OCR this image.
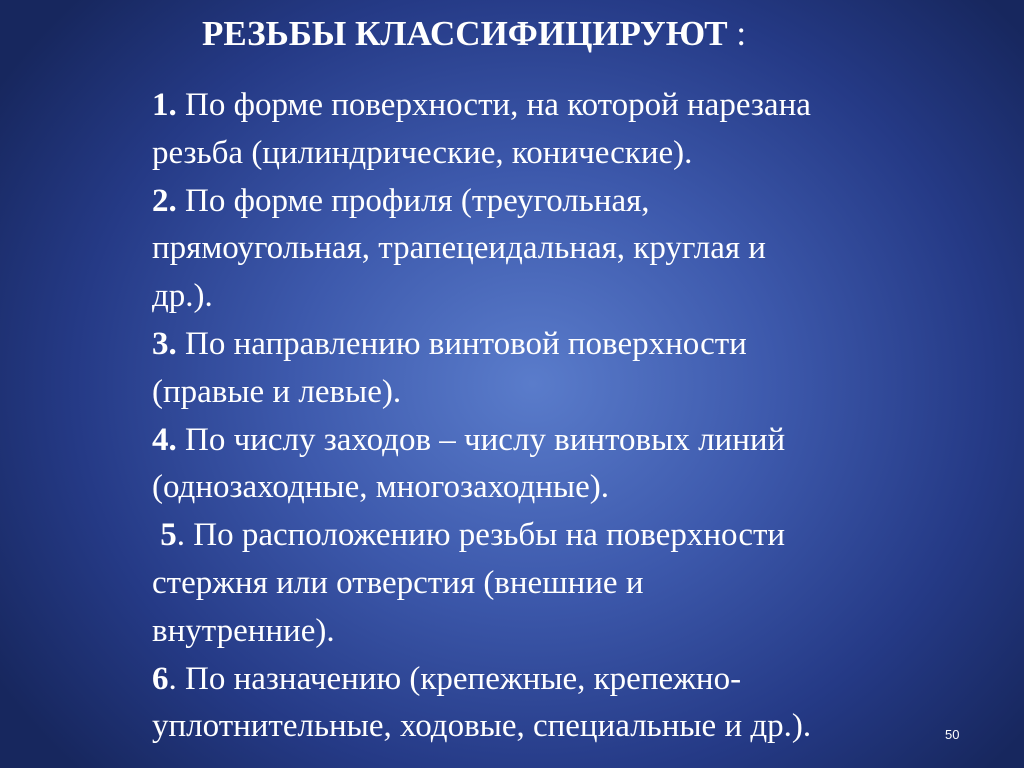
РЕЗЬБЫ КЛАССИФИЦИРУЮТ :
1. По форме поверхности, на которой нарезана
резьба (цилиндрические, конические).
2. По форме профиля (треугольная,
прямоугольная, трапецеидальная, круглая и
др.).
3. По направлению винтовой поверхности
(правые и левые).
4. По числу заходов – числу винтовых линий
(однозаходные, многозаходные).
5. По расположению резьбы на поверхности
стержня или отверстия (внешние и
внутренние).
6. По назначению (крепежные, крепежно-
уплотнительные, ходовые, специальные и др.).	50
